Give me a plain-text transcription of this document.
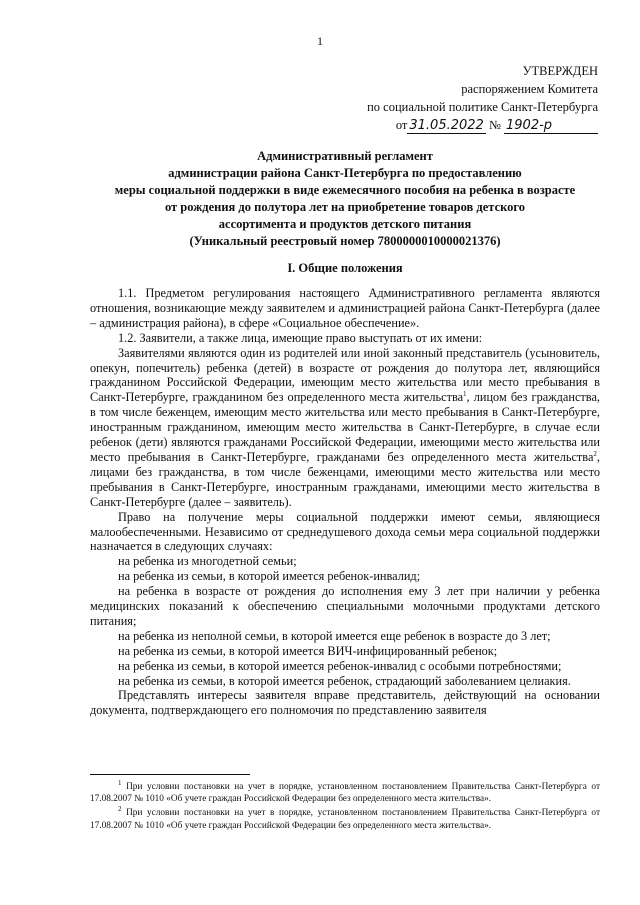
1
УТВЕРЖДЕН
распоряжением Комитета
по социальной политике Санкт-Петербурга
от 31.05.2022 № 1902-р
Административный регламент
администрации района Санкт-Петербурга по предоставлению
меры социальной поддержки в виде ежемесячного пособия на ребенка в возрасте
от рождения до полутора лет на приобретение товаров детского
ассортимента и продуктов детского питания
(Уникальный реестровый номер 7800000010000021376)
I. Общие положения

1.1. Предметом регулирования настоящего Административного регламента являются отношения, возникающие между заявителем и администрацией района Санкт-Петербурга (далее – администрация района), в сфере «Социальное обеспечение».

1.2. Заявители, а также лица, имеющие право выступать от их имени:

Заявителями являются один из родителей или иной законный представитель (усыновитель, опекун, попечитель) ребенка (детей) в возрасте от рождения до полутора лет, являющийся гражданином Российской Федерации, имеющим место жительства или место пребывания в Санкт-Петербурге, гражданином без определенного места жительства$^1$, лицом без гражданства, в том числе беженцем, имеющим место жительства или место пребывания в Санкт-Петербурге, иностранным гражданином, имеющим место жительства в Санкт-Петербурге, в случае если ребенок (дети) являются гражданами Российской Федерации, имеющими место жительства или место пребывания в Санкт-Петербурге, гражданами без определенного места жительства$^2$, лицами без гражданства, в том числе беженцами, имеющими место жительства или место пребывания в Санкт-Петербурге, иностранным гражданами, имеющими место жительства в Санкт-Петербурге (далее – заявитель).

Право на получение меры социальной поддержки имеют семьи, являющиеся малообеспеченными. Независимо от среднедушевого дохода семьи мера социальной поддержки назначается в следующих случаях:

на ребенка из многодетной семьи;

на ребенка из семьи, в которой имеется ребенок-инвалид;

на ребенка в возрасте от рождения до исполнения ему 3 лет при наличии у ребенка медицинских показаний к обеспечению специальными молочными продуктами детского питания;

на ребенка из неполной семьи, в которой имеется еще ребенок в возрасте до 3 лет;

на ребенка из семьи, в которой имеется ВИЧ-инфицированный ребенок;

на ребенка из семьи, в которой имеется ребенок-инвалид с особыми потребностями;

на ребенка из семьи, в которой имеется ребенок, страдающий заболеванием целиакия.

Представлять интересы заявителя вправе представитель, действующий на основании документа, подтверждающего его полномочия по представлению заявителя

$^1$ При условии постановки на учет в порядке, установленном постановлением Правительства Санкт-Петербурга от 17.08.2007 № 1010 «Об учете граждан Российской Федерации без определенного места жительства».

$^2$ При условии постановки на учет в порядке, установленном постановлением Правительства Санкт-Петербурга от 17.08.2007 № 1010 «Об учете граждан Российской Федерации без определенного места жительства».
